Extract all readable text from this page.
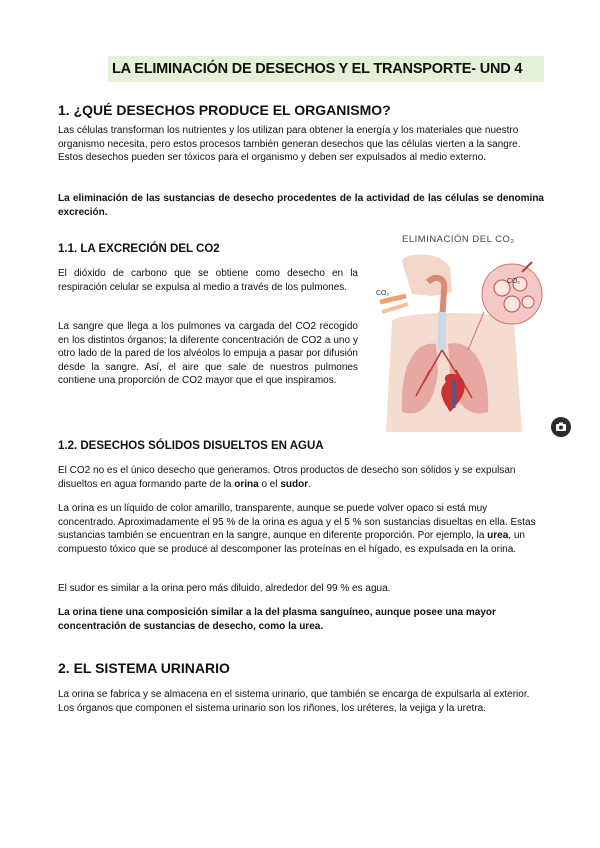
LA ELIMINACIÓN DE DESECHOS Y EL TRANSPORTE- UND 4
1. ¿QUÉ DESECHOS PRODUCE EL ORGANISMO?

Las células transforman los nutrientes y los utilizan para obtener la energía y los materiales que nuestro organismo necesita, pero estos procesos también generan desechos que las células vierten a la sangre. Estos desechos pueden ser tóxicos para el organismo y deben ser expulsados al medio externo.

La eliminación de las sustancias de desecho procedentes de la actividad de las células se denomina excreción.

1.1. LA EXCRECIÓN DEL CO2

El dióxido de carbono que se obtiene como desecho en la respiración celular se expulsa al medio a través de los pulmones.

La sangre que llega a los pulmones va cargada del CO2 recogido en los distintos órganos; la diferente concentración de CO2 a uno y otro lado de la pared de los alvéolos lo empuja a pasar por difusión desde la sangre. Así, el aire que sale de nuestros pulmones contiene una proporción de CO2 mayor que el que inspiramos.

ELIMINACIÓN DEL CO₂
CO₂
CO₂
1.2. DESECHOS SÓLIDOS DISUELTOS EN AGUA

El CO2 no es el único desecho que generamos. Otros productos de desecho son sólidos y se expulsan disueltos en agua formando parte de la orina o el sudor.

La orina es un líquido de color amarillo, transparente, aunque se puede volver opaco si está muy concentrado. Aproximadamente el 95 % de la orina es agua y el 5 % son sustancias disueltas en ella. Estas sustancias también se encuentran en la sangre, aunque en diferente proporción. Por ejemplo, la urea, un compuesto tóxico que se produce al descomponer las proteínas en el hígado, es expulsada en la orina.

El sudor es similar a la orina pero más diluido, alrededor del 99 % es agua.

La orina tiene una composición similar a la del plasma sanguíneo, aunque posee una mayor concentración de sustancias de desecho, como la urea.

2. EL SISTEMA URINARIO

La orina se fabrica y se almacena en el sistema urinario, que también se encarga de expulsarla al exterior. Los órganos que componen el sistema urinario son los riñones, los uréteres, la vejiga y la uretra.
